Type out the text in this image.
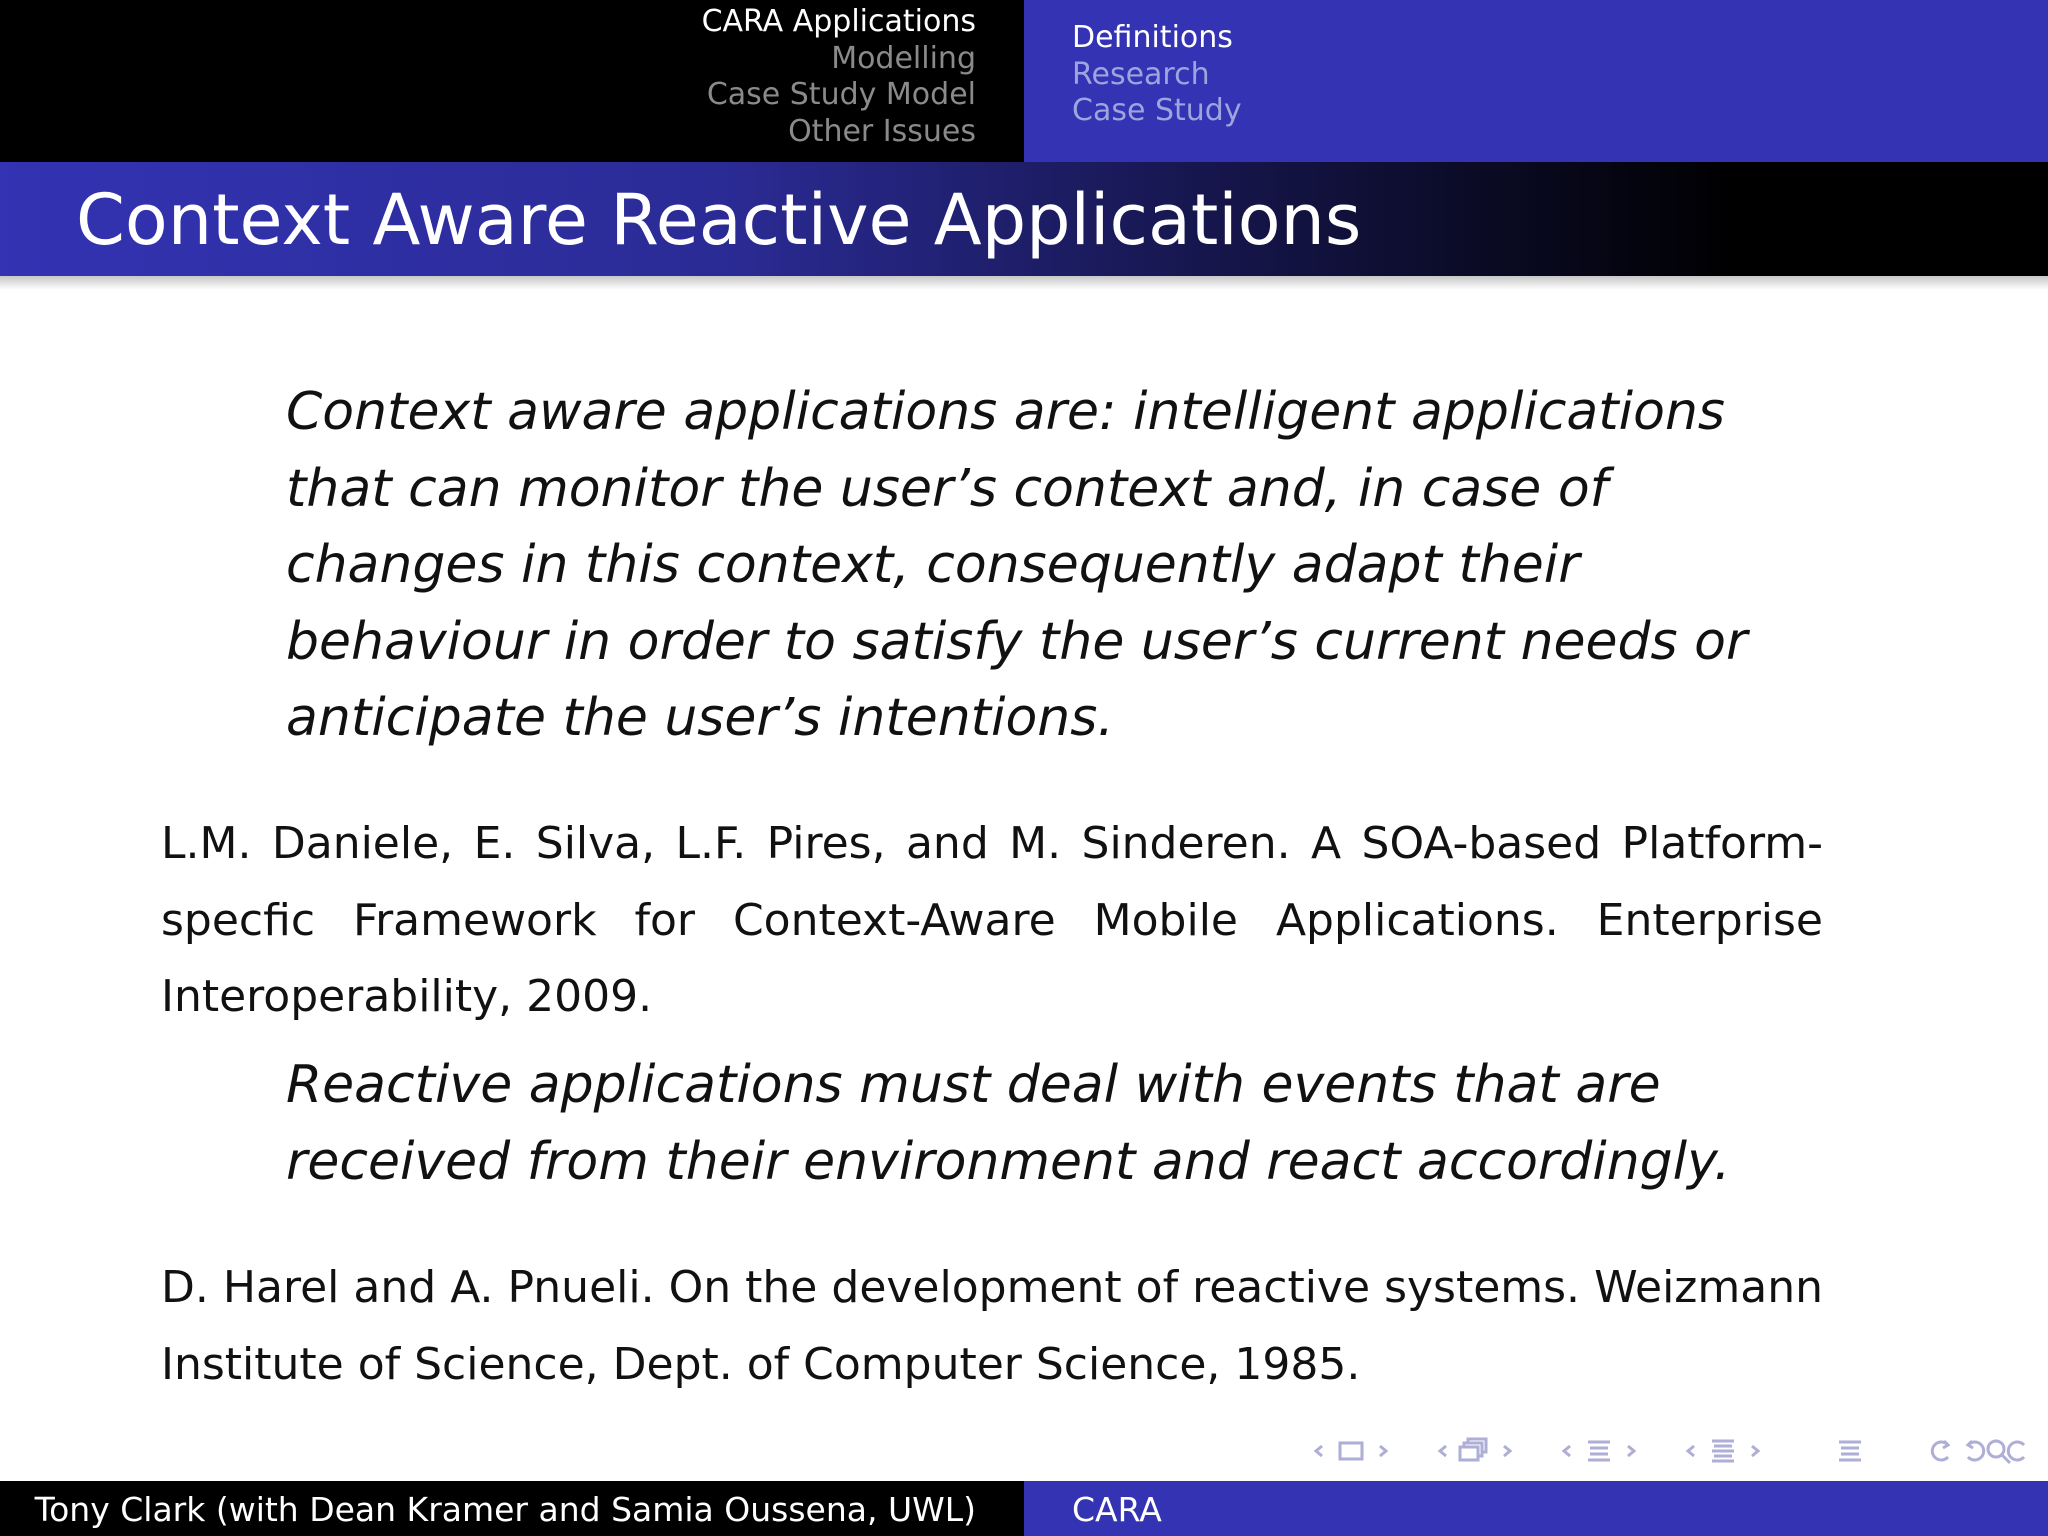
CARA Applications
Modelling
Case Study Model
Other Issues
Definitions
Research
Case Study
Context Aware Reactive Applications

Context aware applications are: intelligent applications that can monitor the user’s context and, in case of changes in this context, consequently adapt their behaviour in order to satisfy the user’s current needs or anticipate the user’s intentions.

L.M. Daniele, E. Silva, L.F. Pires, and M. Sinderen. A SOA-based Platform-specfic Framework for Context-Aware Mobile Applications. Enterprise Interoperability, 2009.

Reactive applications must deal with events that are received from their environment and react accordingly.

D. Harel and A. Pnueli. On the development of reactive systems. Weizmann Institute of Science, Dept. of Computer Science, 1985.

Tony Clark (with Dean Kramer and Samia Oussena, UWL)	CARA
